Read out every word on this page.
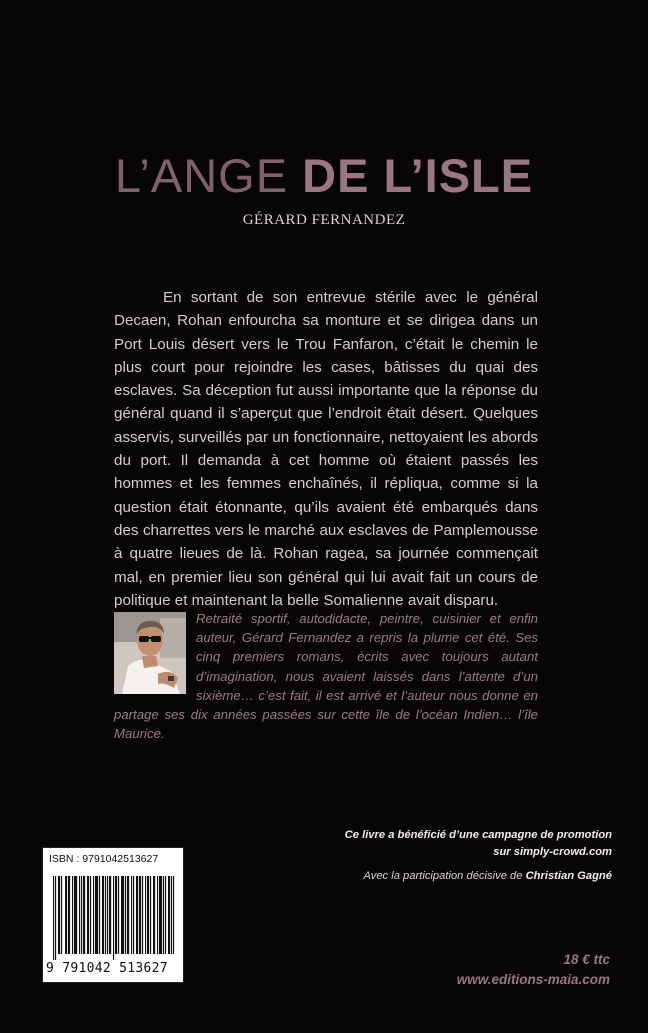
L’ANGE DE L’ISLE
GÉRARD FERNANDEZ

En sortant de son entrevue stérile avec le général Decaen, Rohan enfourcha sa monture et se dirigea dans un Port Louis désert vers le Trou Fanfaron, c’était le chemin le plus court pour rejoindre les cases, bâtisses du quai des esclaves. Sa déception fut aussi importante que la réponse du général quand il s’aperçut que l’endroit était désert. Quelques asservis, surveillés par un fonctionnaire, nettoyaient les abords du port. Il demanda à cet homme où étaient passés les hommes et les femmes enchaînés, il répliqua, comme si la question était étonnante, qu’ils avaient été embarqués dans des charrettes vers le marché aux esclaves de Pamplemousse à quatre lieues de là. Rohan ragea, sa journée commençait mal, en premier lieu son général qui lui avait fait un cours de politique et maintenant la belle Somalienne avait disparu.

Retraité sportif, autodidacte, peintre, cuisinier et enfin auteur, Gérard Fernandez a repris la plume cet été. Ses cinq premiers romans, écrits avec toujours autant d’imagination, nous avaient laissés dans l’attente d’un sixième… c’est fait, il est arrivé et l’auteur nous donne en partage ses dix années passées sur cette île de l’océan Indien… l’île Maurice.

Ce livre a bénéficié d’une campagne de promotion
sur simply-crowd.com
Avec la participation décisive de Christian Gagné
18 € ttc
www.editions-maia.com
ISBN : 9791042513627
9 791042 513627
